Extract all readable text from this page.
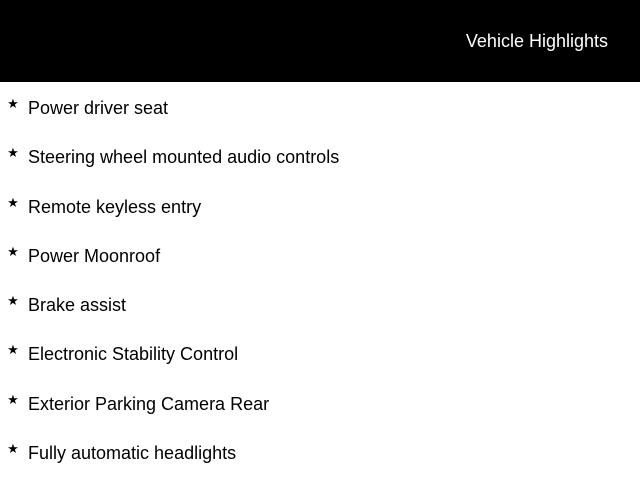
Vehicle Highlights
★ Power driver seat
★ Steering wheel mounted audio controls
★ Remote keyless entry
★ Power Moonroof
★ Brake assist
★ Electronic Stability Control
★ Exterior Parking Camera Rear
★ Fully automatic headlights
